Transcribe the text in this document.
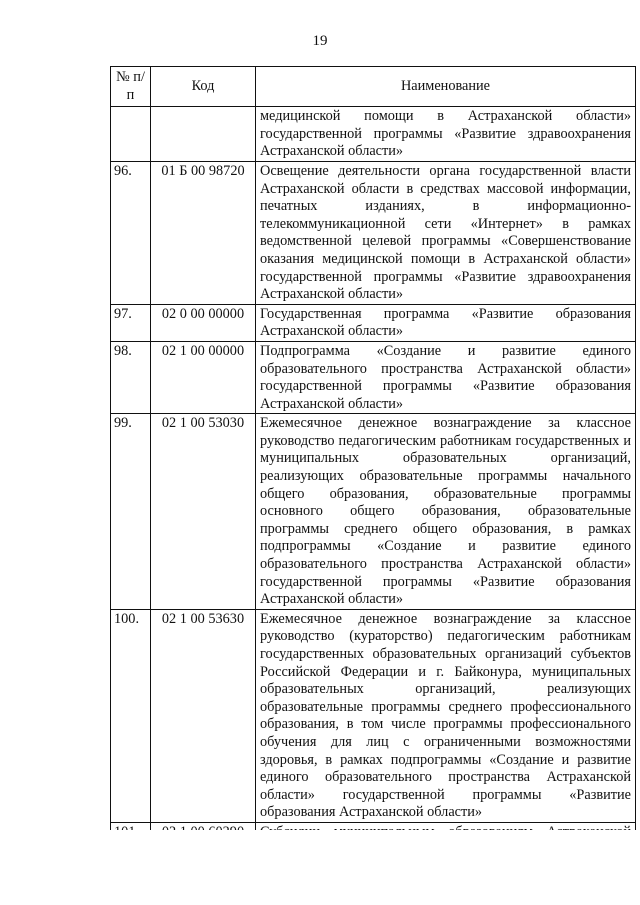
19
№ п/п	Код	Наименование
		медицинской помощи в Астраханской области» государственной программы «Развитие здравоохранения Астраханской области»
96.	01 Б 00 98720	Освещение деятельности органа государственной власти Астраханской области в средствах массовой информации, печатных изданиях, в информационно-телекоммуникационной сети «Интернет» в рамках ведомственной целевой программы «Совершенствование оказания медицинской помощи в Астраханской области» государственной программы «Развитие здравоохранения Астраханской области»
97.	02 0 00 00000	Государственная программа «Развитие образования Астраханской области»
98.	02 1 00 00000	Подпрограмма «Создание и развитие единого образовательного пространства Астраханской области» государственной программы «Развитие образования Астраханской области»
99.	02 1 00 53030	Ежемесячное денежное вознаграждение за классное руководство педагогическим работникам государственных и муниципальных образовательных организаций, реализующих образовательные программы начального общего образования, образовательные программы основного общего образования, образовательные программы среднего общего образования, в рамках подпрограммы «Создание и развитие единого образовательного пространства Астраханской области» государственной программы «Развитие образования Астраханской области»
100.	02 1 00 53630	Ежемесячное денежное вознаграждение за классное руководство (кураторство) педагогическим работникам государственных образовательных организаций субъектов Российской Федерации и г. Байконура, муниципальных образовательных организаций, реализующих образовательные программы среднего профессионального образования, в том числе программы профессионального обучения для лиц с ограниченными возможностями здоровья, в рамках подпрограммы «Создание и развитие единого образовательного пространства Астраханской области» государственной программы «Развитие образования Астраханской области»
